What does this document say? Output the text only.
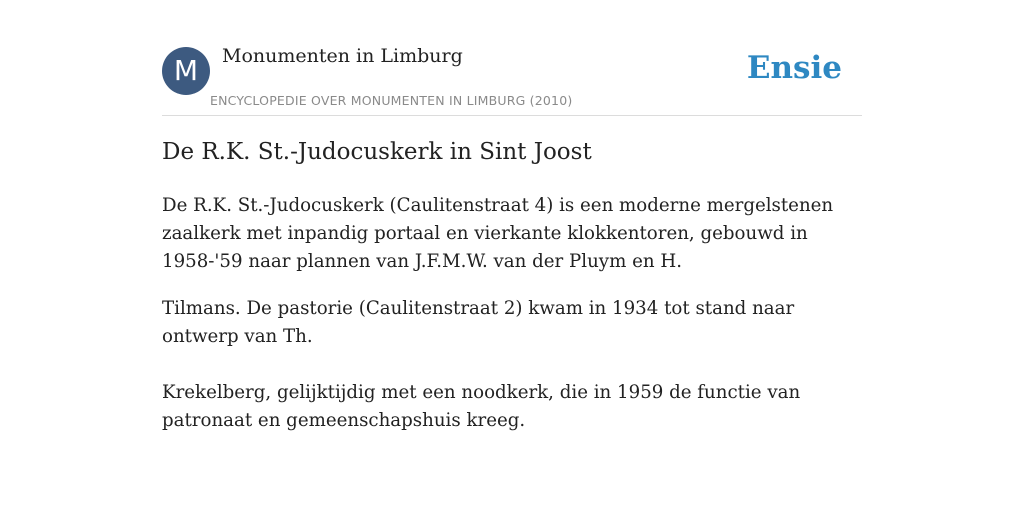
M	Monumenten in Limburg
ENCYCLOPEDIE OVER MONUMENTEN IN LIMBURG (2010)
Ensie
De R.K. St.-Judocuskerk in Sint Joost

De R.K. St.-Judocuskerk (Caulitenstraat 4) is een moderne mergelstenen zaalkerk met inpandig portaal en vierkante klokkentoren, gebouwd in 1958-'59 naar plannen van J.F.M.W. van der Pluym en H.

Tilmans. De pastorie (Caulitenstraat 2) kwam in 1934 tot stand naar ontwerp van Th.

Krekelberg, gelijktijdig met een noodkerk, die in 1959 de functie van patronaat en gemeenschapshuis kreeg.
